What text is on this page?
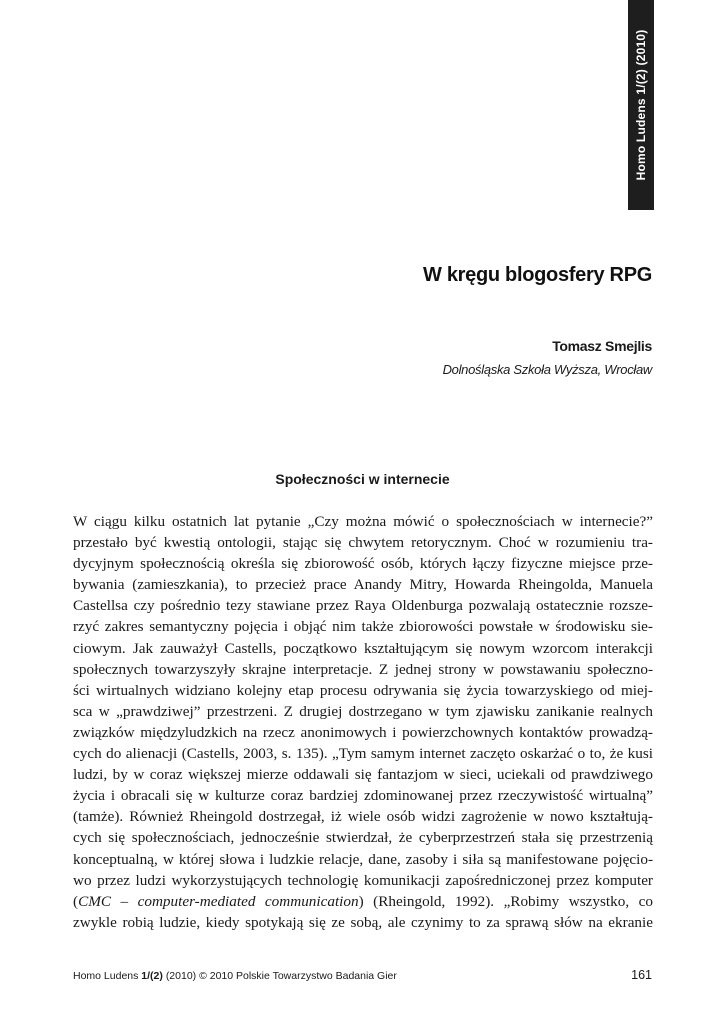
Homo Ludens 1/(2) (2010)
W kręgu blogosfery RPG
Tomasz Smejlis
Dolnośląska Szkoła Wyższa, Wrocław
Społeczności w internecie
W ciągu kilku ostatnich lat pytanie „Czy można mówić o społecznościach w internecie?”
przestało być kwestią ontologii, stając się chwytem retorycznym. Choć w rozumieniu tra-
dycyjnym społecznością określa się zbiorowość osób, których łączy fizyczne miejsce prze-
bywania (zamieszkania), to przecież prace Anandy Mitry, Howarda Rheingolda, Manuela
Castellsa czy pośrednio tezy stawiane przez Raya Oldenburga pozwalają ostatecznie rozsze-
rzyć zakres semantyczny pojęcia i objąć nim także zbiorowości powstałe w środowisku sie-
ciowym. Jak zauważył Castells, początkowo kształtującym się nowym wzorcom interakcji
społecznych towarzyszyły skrajne interpretacje. Z jednej strony w powstawaniu społeczno-
ści wirtualnych widziano kolejny etap procesu odrywania się życia towarzyskiego od miej-
sca w „prawdziwej” przestrzeni. Z drugiej dostrzegano w tym zjawisku zanikanie realnych
związków międzyludzkich na rzecz anonimowych i powierzchownych kontaktów prowadzą-
cych do alienacji (Castells, 2003, s. 135). „Tym samym internet zaczęto oskarżać o to, że kusi
ludzi, by w coraz większej mierze oddawali się fantazjom w sieci, uciekali od prawdziwego
życia i obracali się w kulturze coraz bardziej zdominowanej przez rzeczywistość wirtualną”
(tamże). Również Rheingold dostrzegał, iż wiele osób widzi zagrożenie w nowo kształtują-
cych się społecznościach, jednocześnie stwierdzał, że cyberprzestrzeń stała się przestrzenią
konceptualną, w której słowa i ludzkie relacje, dane, zasoby i siła są manifestowane pojęcio-
wo przez ludzi wykorzystujących technologię komunikacji zapośredniczonej przez komputer
(CMC – computer-mediated communication) (Rheingold, 1992). „Robimy wszystko, co
zwykle robią ludzie, kiedy spotykają się ze sobą, ale czynimy to za sprawą słów na ekranie
Homo Ludens 1/(2) (2010) © 2010 Polskie Towarzystwo Badania Gier	161
